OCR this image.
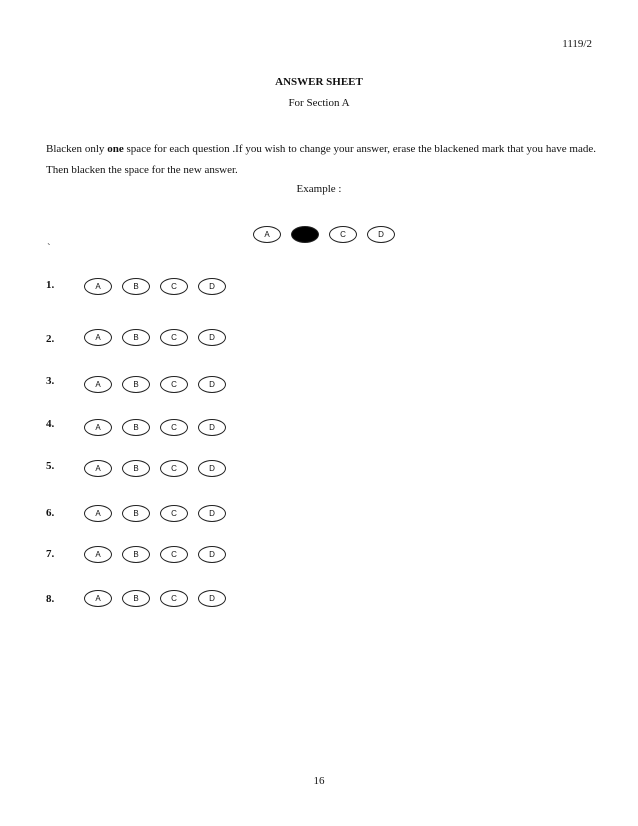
1119/2
ANSWER SHEET
For Section A
Blacken only one space for each question .If you wish to change your answer, erase the blackened mark that you have made. Then blacken the space for the new answer.
Example :
A	C	D
`
1.	A	B	C	D
2.	A	B	C	D
3.	A	B	C	D
4.	A	B	C	D
5.	A	B	C	D
6.	A	B	C	D
7.	A	B	C	D
8.	A	B	C	D
16
